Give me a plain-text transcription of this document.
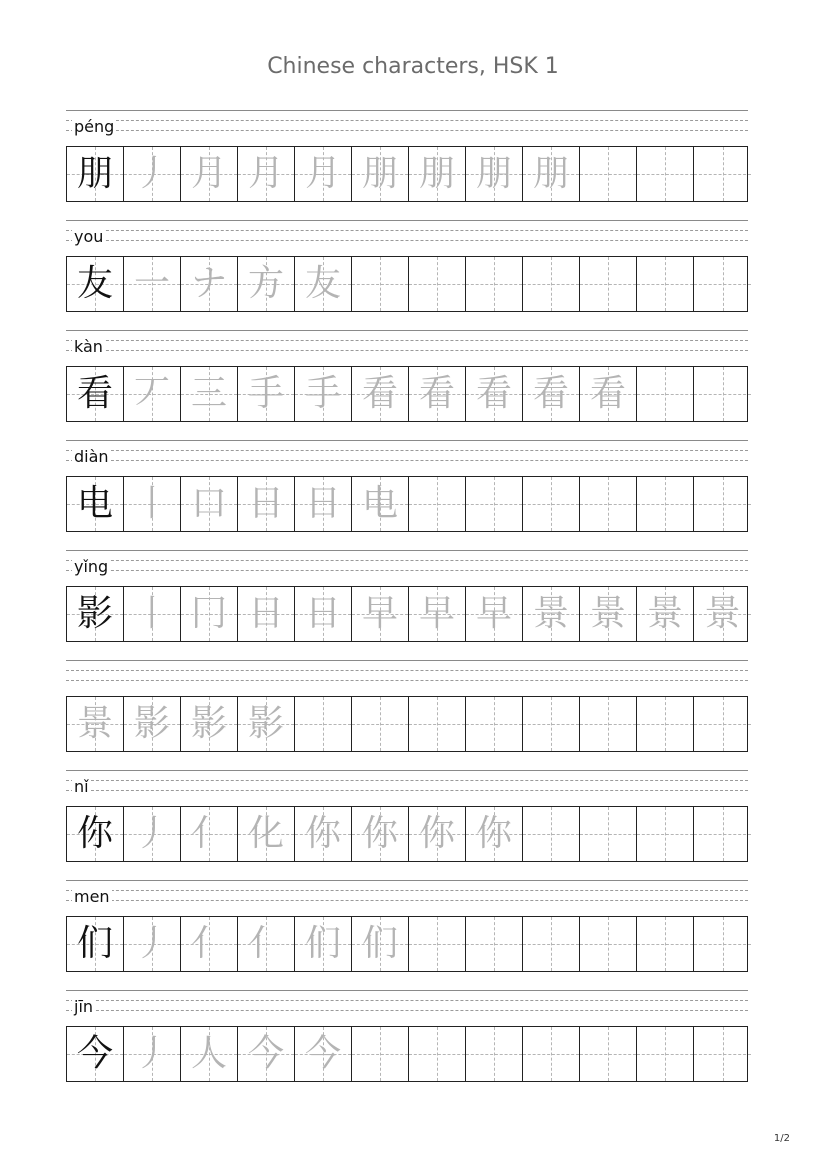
Chinese characters, HSK 1
péng
朋 丿 月 月 月 朋 朋 朋 朋
you
友 一 ナ 方 友
kàn
看 丆 三 手 手 看 看 看 看 看
diàn
电 丨 口 日 日 电
yǐng
影 丨 冂 日 日 早 早 早 景 景 景 景
景 影 影 影
nǐ
你 丿 亻 化 你 你 你 你
men
们 丿 亻 亻 们 们
jīn
今 丿 人 今 今
1/2
